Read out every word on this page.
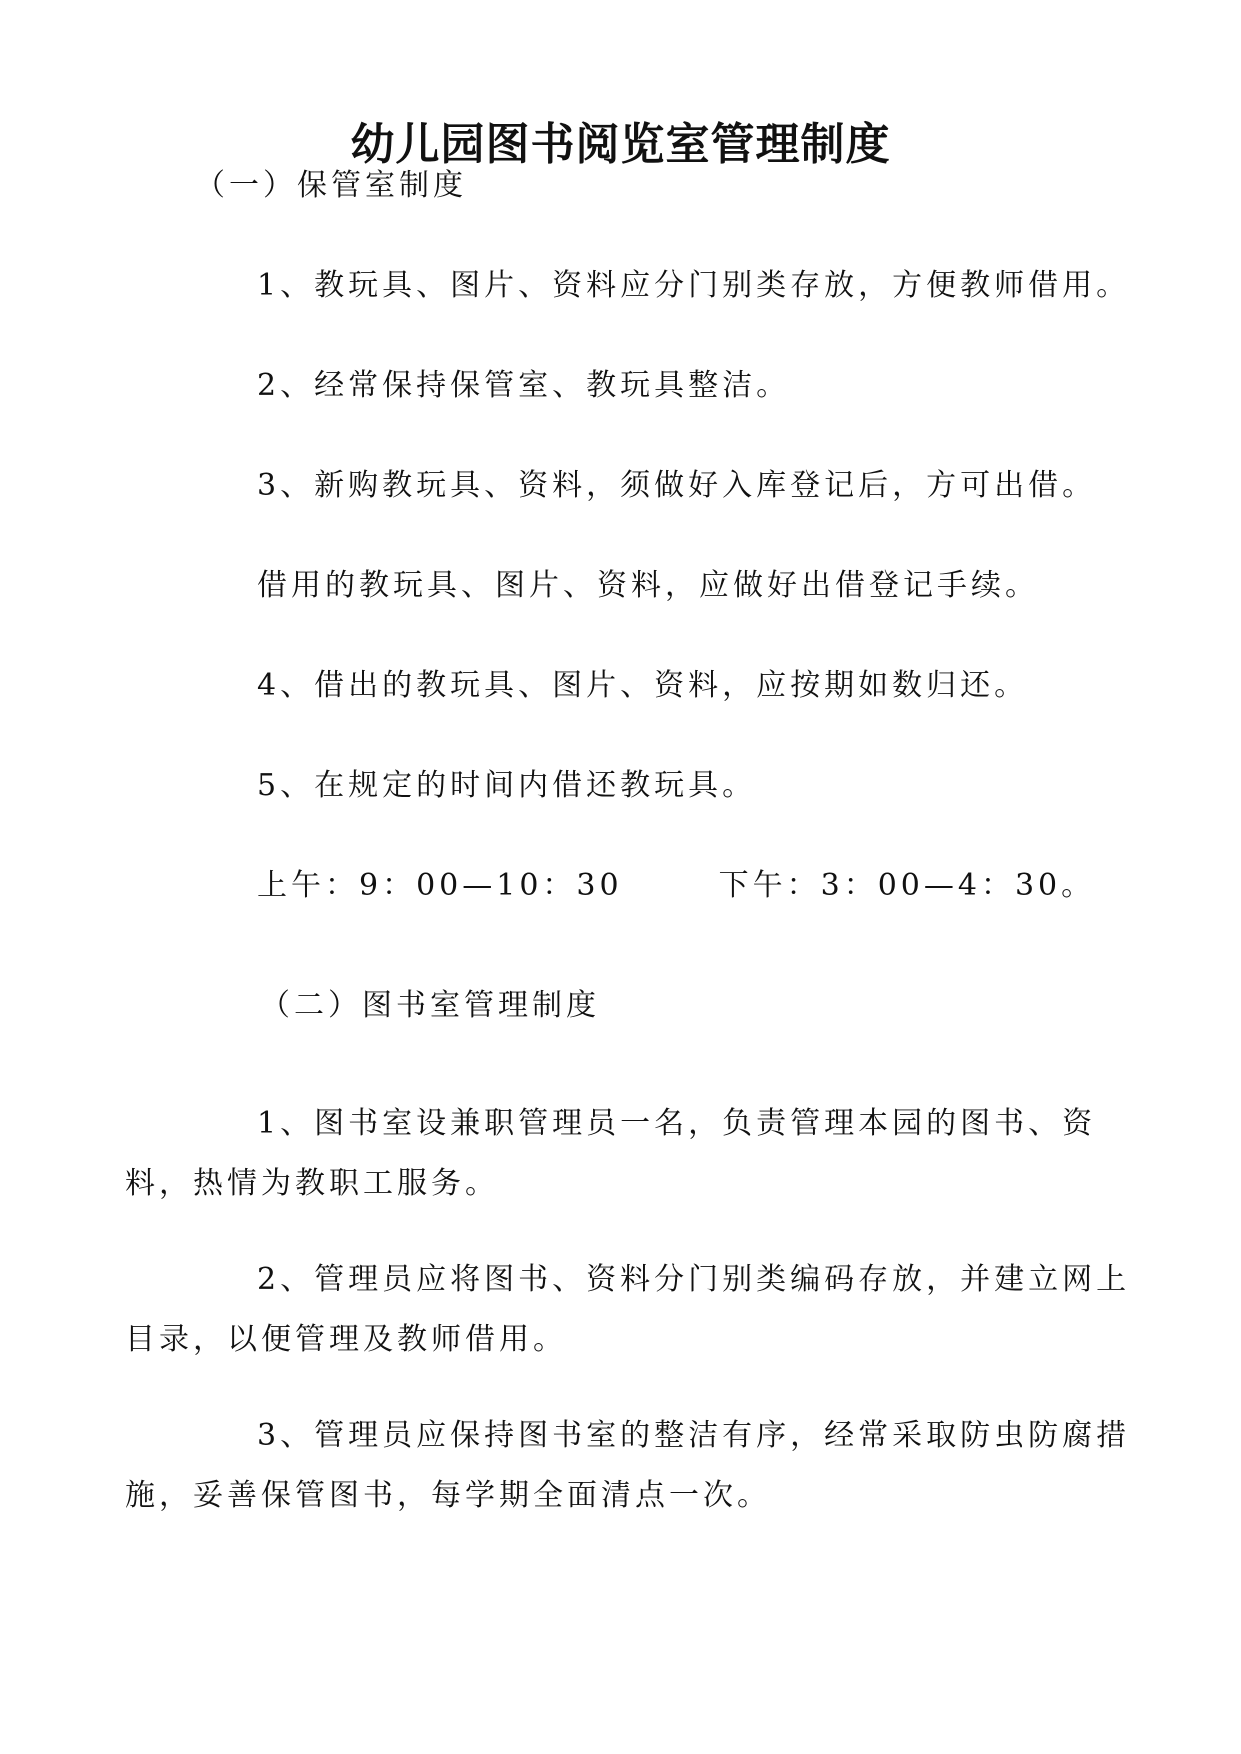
幼儿园图书阅览室管理制度

（一）保管室制度

1、教玩具、图片、资料应分门别类存放，方便教师借用。

2、经常保持保管室、教玩具整洁。

3、新购教玩具、资料，须做好入库登记后，方可出借。

借用的教玩具、图片、资料，应做好出借登记手续。

4、借出的教玩具、图片、资料，应按期如数归还。

5、在规定的时间内借还教玩具。

上午：9：00—10：30	下午：3：00—4：30。

（二）图书室管理制度

1、图书室设兼职管理员一名，负责管理本园的图书、资料，热情为教职工服务。

2、管理员应将图书、资料分门别类编码存放，并建立网上目录，以便管理及教师借用。

3、管理员应保持图书室的整洁有序，经常采取防虫防腐措施，妥善保管图书，每学期全面清点一次。
